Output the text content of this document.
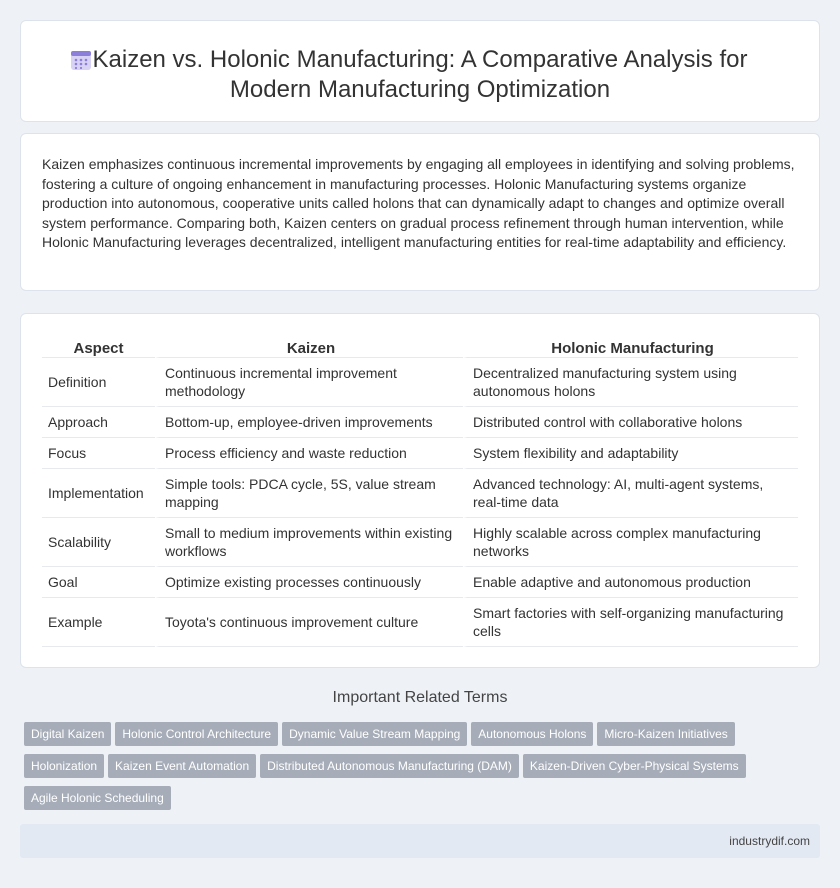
Kaizen vs. Holonic Manufacturing: A Comparative Analysis for Modern Manufacturing Optimization

Kaizen emphasizes continuous incremental improvements by engaging all employees in identifying and solving problems, fostering a culture of ongoing enhancement in manufacturing processes. Holonic Manufacturing systems organize production into autonomous, cooperative units called holons that can dynamically adapt to changes and optimize overall system performance. Comparing both, Kaizen centers on gradual process refinement through human intervention, while Holonic Manufacturing leverages decentralized, intelligent manufacturing entities for real-time adaptability and efficiency.

Aspect	Kaizen	Holonic Manufacturing
Definition	Continuous incremental improvement methodology	Decentralized manufacturing system using autonomous holons
Approach	Bottom-up, employee-driven improvements	Distributed control with collaborative holons
Focus	Process efficiency and waste reduction	System flexibility and adaptability
Implementation	Simple tools: PDCA cycle, 5S, value stream mapping	Advanced technology: AI, multi-agent systems, real-time data
Scalability	Small to medium improvements within existing workflows	Highly scalable across complex manufacturing networks
Goal	Optimize existing processes continuously	Enable adaptive and autonomous production
Example	Toyota's continuous improvement culture	Smart factories with self-organizing manufacturing cells
Important Related Terms
Digital Kaizen Holonic Control Architecture Dynamic Value Stream Mapping Autonomous Holons Micro-Kaizen InitiativesHolonization Kaizen Event Automation Distributed Autonomous Manufacturing (DAM) Kaizen-Driven Cyber-Physical SystemsAgile Holonic Scheduling
industrydif.com
